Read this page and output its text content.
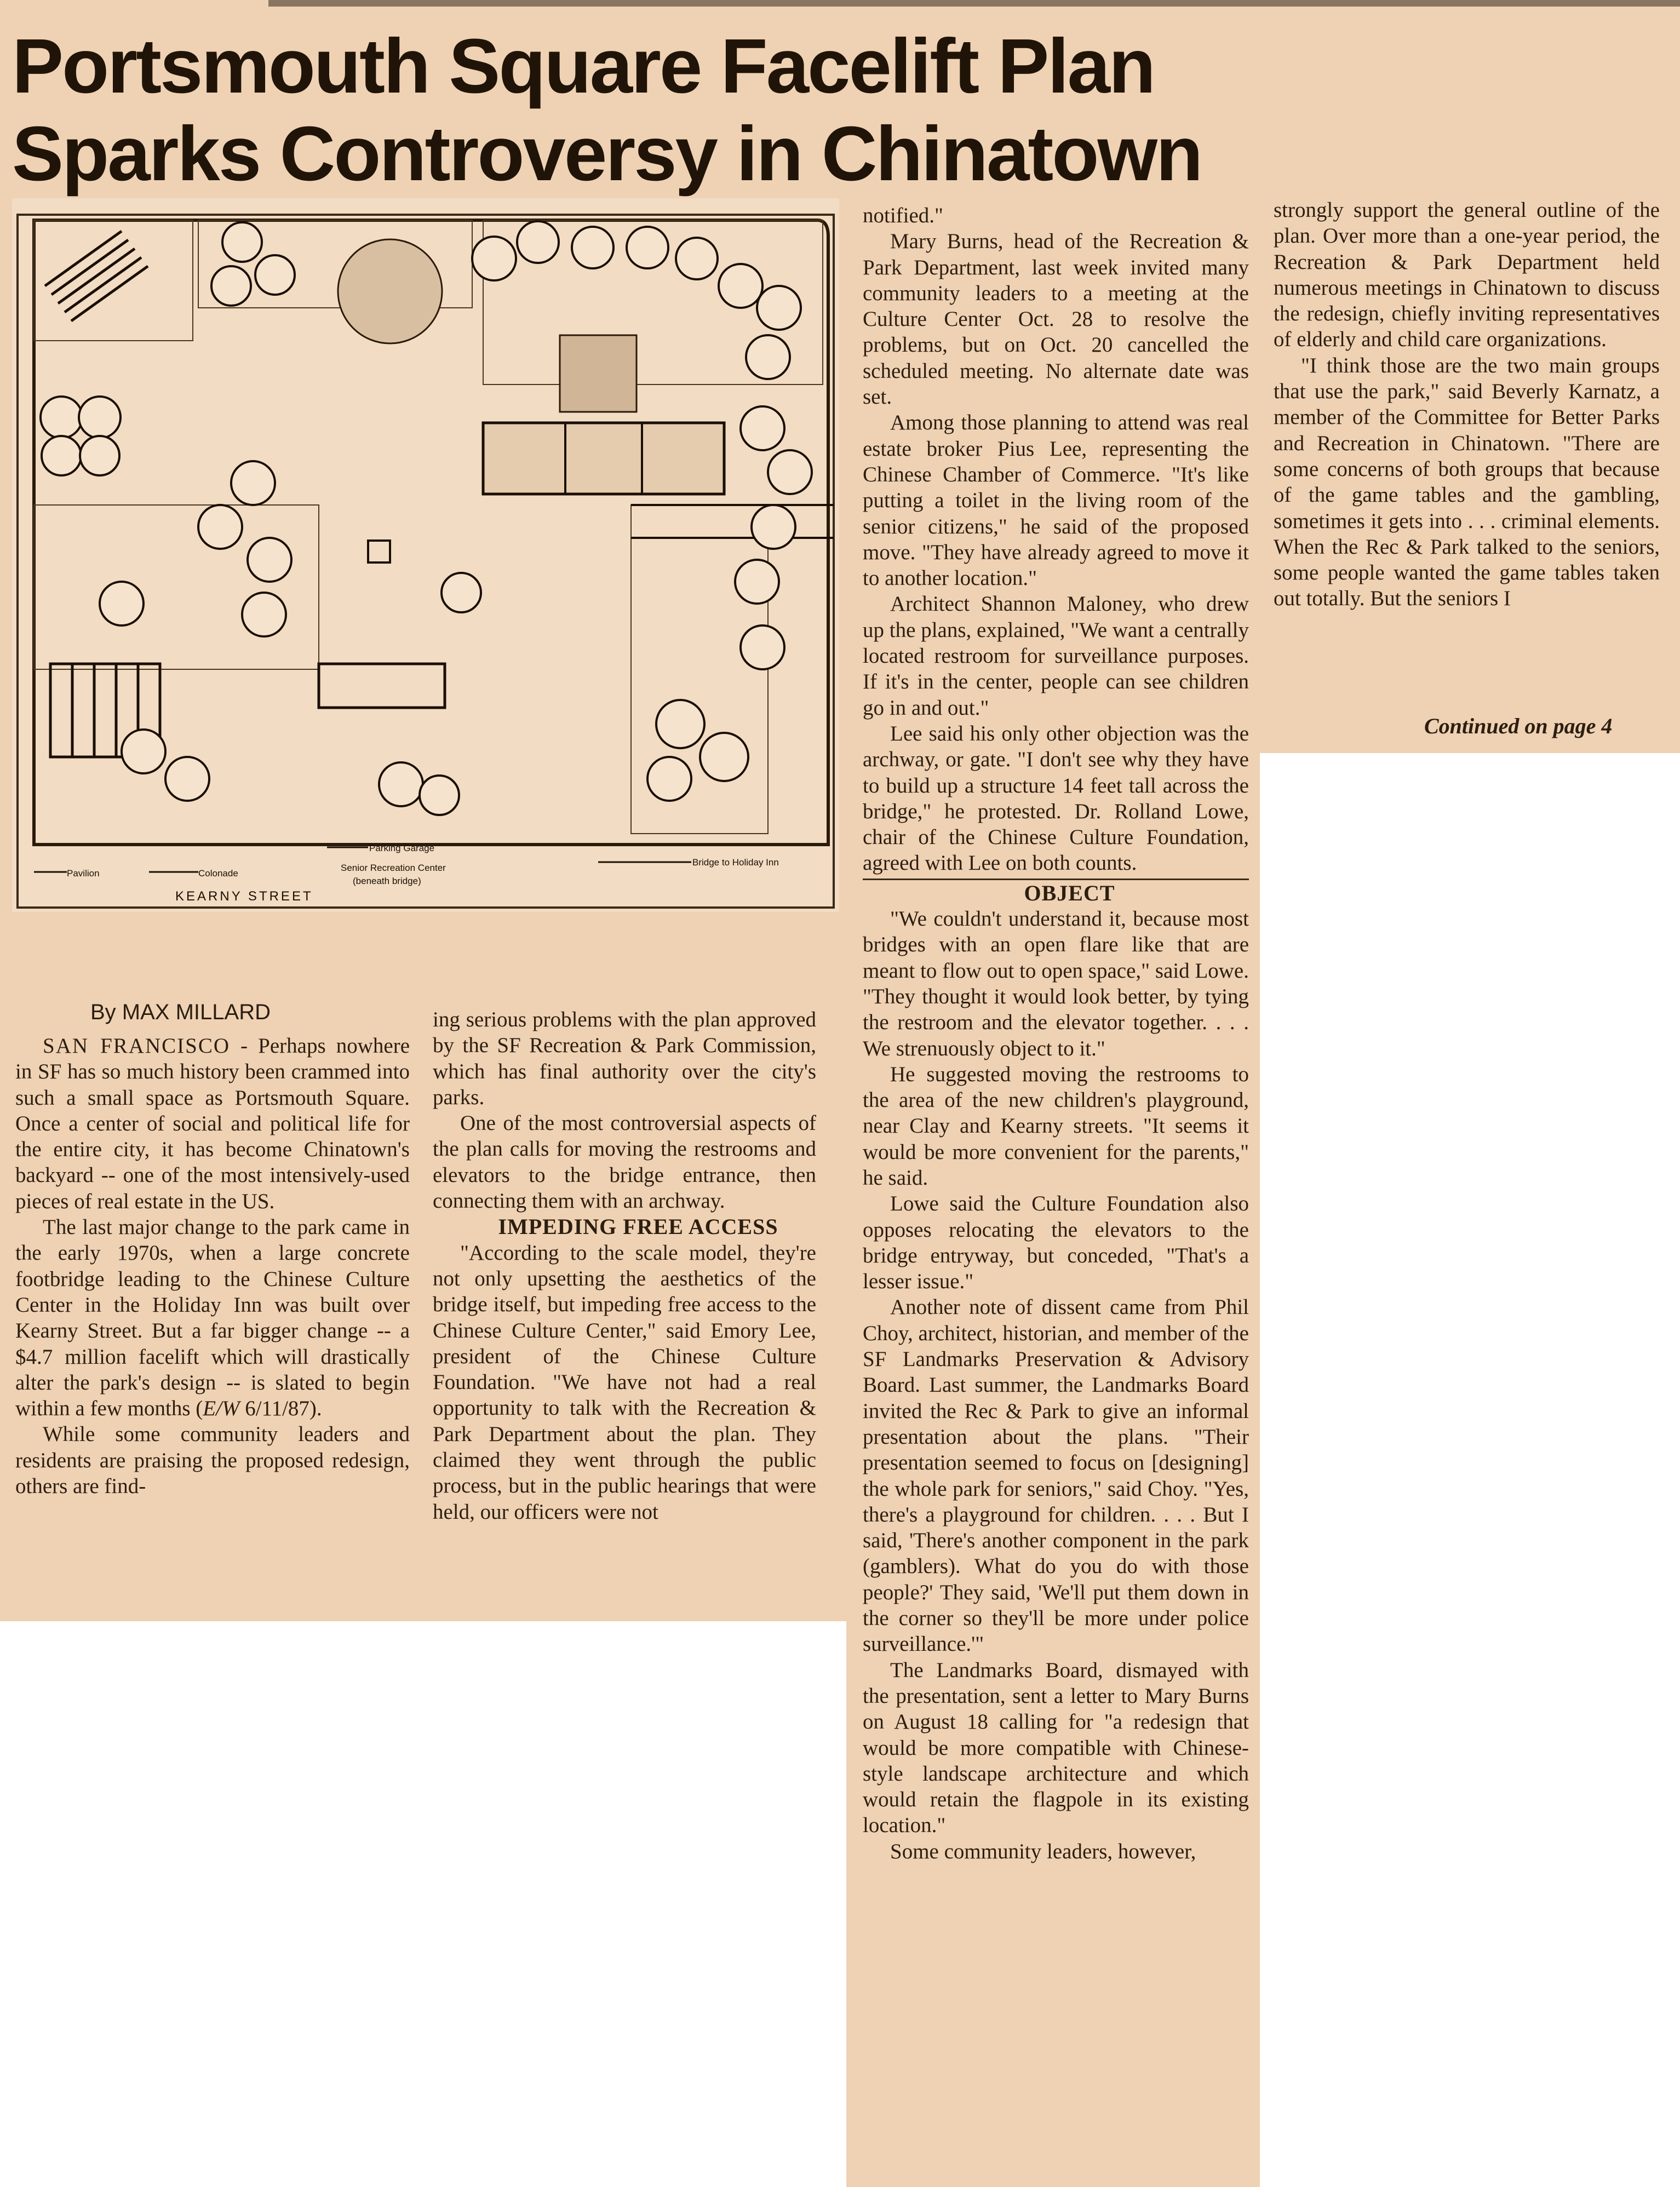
Portsmouth Square Facelift Plan
Sparks Controversy in Chinatown
Pavilion	Colonade
KEARNY STREET
Parking Garage
Senior Recreation Center
(beneath bridge)
Bridge to Holiday Inn
By MAX MILLARD

SAN FRANCISCO - Perhaps nowhere in SF has so much history been crammed into such a small space as Portsmouth Square. Once a center of social and political life for the entire city, it has become Chinatown's backyard -- one of the most intensively-used pieces of real estate in the US.

The last major change to the park came in the early 1970s, when a large concrete footbridge leading to the Chinese Culture Center in the Holiday Inn was built over Kearny Street. But a far bigger change -- a $4.7 million facelift which will drastically alter the park's design -- is slated to begin within a few months (E/W 6/11/87).

While some community leaders and residents are praising the proposed redesign, others are find-

ing serious problems with the plan approved by the SF Recreation & Park Commission, which has final authority over the city's parks.

One of the most controversial aspects of the plan calls for moving the restrooms and elevators to the bridge entrance, then connecting them with an archway.

IMPEDING FREE ACCESS

"According to the scale model, they're not only upsetting the aesthetics of the bridge itself, but impeding free access to the Chinese Culture Center," said Emory Lee, president of the Chinese Culture Foundation. "We have not had a real opportunity to talk with the Recreation & Park Department about the plan. They claimed they went through the public process, but in the public hearings that were held, our officers were not

notified."

Mary Burns, head of the Recreation & Park Department, last week invited many community leaders to a meeting at the Culture Center Oct. 28 to resolve the problems, but on Oct. 20 cancelled the scheduled meeting. No alternate date was set.

Among those planning to attend was real estate broker Pius Lee, representing the Chinese Chamber of Commerce. "It's like putting a toilet in the living room of the senior citizens," he said of the proposed move. "They have already agreed to move it to another location."

Architect Shannon Maloney, who drew up the plans, explained, "We want a centrally located restroom for surveillance purposes. If it's in the center, people can see children go in and out."

Lee said his only other objection was the archway, or gate. "I don't see why they have to build up a structure 14 feet tall across the bridge," he protested. Dr. Rolland Lowe, chair of the Chinese Culture Foundation, agreed with Lee on both counts.

OBJECT

"We couldn't understand it, because most bridges with an open flare like that are meant to flow out to open space," said Lowe. "They thought it would look better, by tying the restroom and the elevator together. . . . We strenuously object to it."

He suggested moving the restrooms to the area of the new children's playground, near Clay and Kearny streets. "It seems it would be more convenient for the parents," he said.

Lowe said the Culture Foundation also opposes relocating the elevators to the bridge entryway, but conceded, "That's a lesser issue."

Another note of dissent came from Phil Choy, architect, historian, and member of the SF Landmarks Preservation & Advisory Board. Last summer, the Landmarks Board invited the Rec & Park to give an informal presentation about the plans. "Their presentation seemed to focus on [designing] the whole park for seniors," said Choy. "Yes, there's a playground for children. . . . But I said, 'There's another component in the park (gamblers). What do you do with those people?' They said, 'We'll put them down in the corner so they'll be more under police surveillance.'"

The Landmarks Board, dismayed with the presentation, sent a letter to Mary Burns on August 18 calling for "a redesign that would be more compatible with Chinese-style landscape architecture and which would retain the flagpole in its existing location."

Some community leaders, however,

strongly support the general outline of the plan. Over more than a one-year period, the Recreation & Park Department held numerous meetings in Chinatown to discuss the redesign, chiefly inviting representatives of elderly and child care organizations.

"I think those are the two main groups that use the park," said Beverly Karnatz, a member of the Committee for Better Parks and Recreation in Chinatown. "There are some concerns of both groups that because of the game tables and the gambling, sometimes it gets into . . . criminal elements. When the Rec & Park talked to the seniors, some people wanted the game tables taken out totally. But the seniors I

Continued on page 4
